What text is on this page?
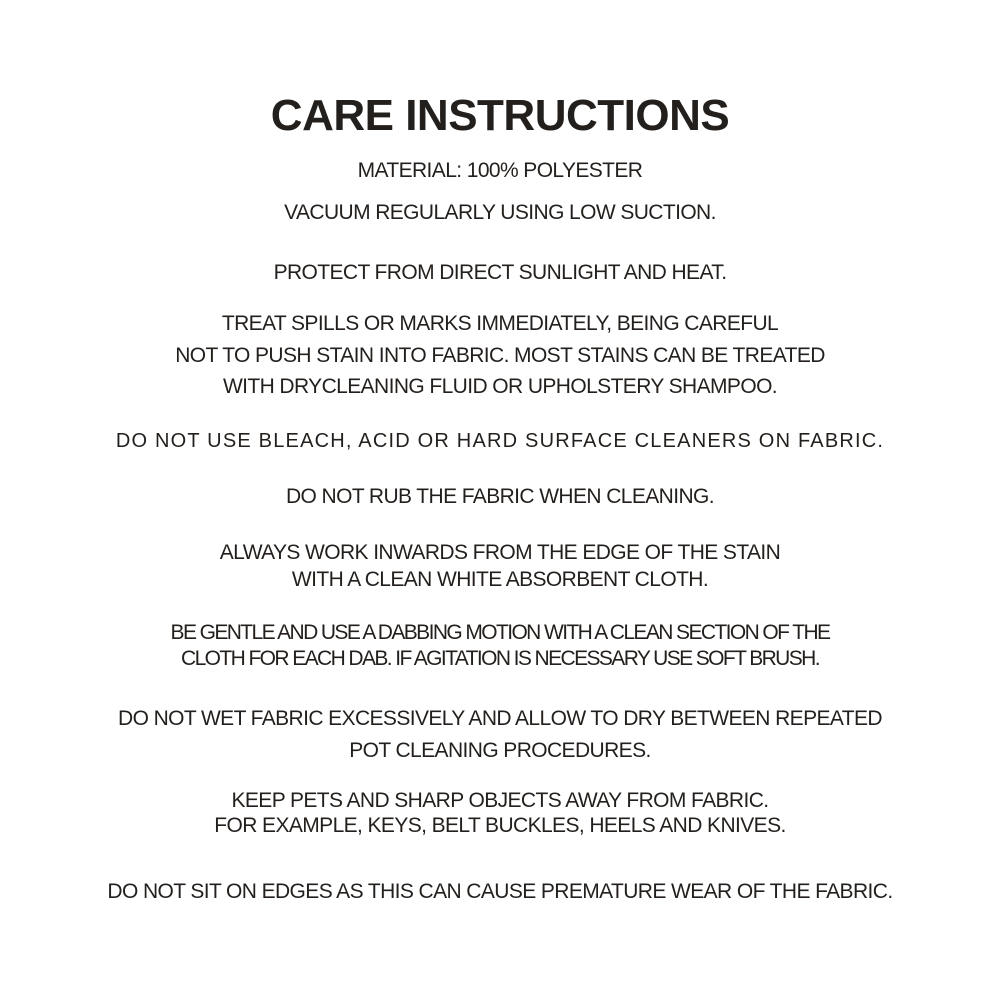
CARE INSTRUCTIONS
MATERIAL: 100% POLYESTER
VACUUM REGULARLY USING LOW SUCTION.
PROTECT FROM DIRECT SUNLIGHT AND HEAT.
TREAT SPILLS OR MARKS IMMEDIATELY, BEING CAREFUL
NOT TO PUSH STAIN INTO FABRIC. MOST STAINS CAN BE TREATED
WITH DRYCLEANING FLUID OR UPHOLSTERY SHAMPOO.
DO NOT USE BLEACH, ACID OR HARD SURFACE CLEANERS ON FABRIC.
DO NOT RUB THE FABRIC WHEN CLEANING.
ALWAYS WORK INWARDS FROM THE EDGE OF THE STAIN
WITH A CLEAN WHITE ABSORBENT CLOTH.
BE GENTLE AND USE A DABBING MOTION WITH A CLEAN SECTION OF THE
CLOTH FOR EACH DAB. IF AGITATION IS NECESSARY USE SOFT BRUSH.
DO NOT WET FABRIC EXCESSIVELY AND ALLOW TO DRY BETWEEN REPEATED
POT CLEANING PROCEDURES.
KEEP PETS AND SHARP OBJECTS AWAY FROM FABRIC.
FOR EXAMPLE, KEYS, BELT BUCKLES, HEELS AND KNIVES.
DO NOT SIT ON EDGES AS THIS CAN CAUSE PREMATURE WEAR OF THE FABRIC.
